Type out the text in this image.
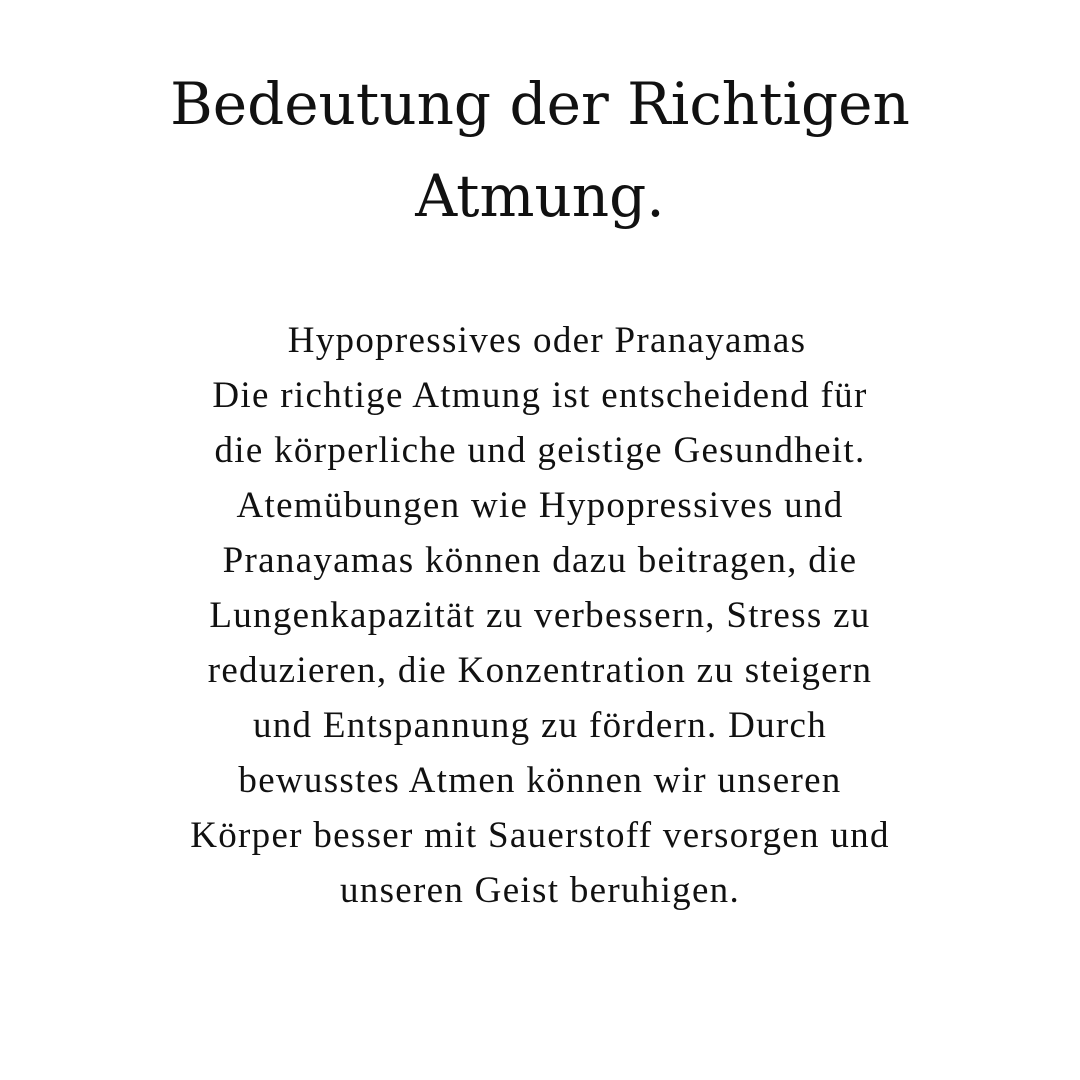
Bedeutung der Richtigen
Atmung.
Hypopressives oder Pranayamas
Die richtige Atmung ist entscheidend für
die körperliche und geistige Gesundheit.
Atemübungen wie Hypopressives und
Pranayamas können dazu beitragen, die
Lungenkapazität zu verbessern, Stress zu
reduzieren, die Konzentration zu steigern
und Entspannung zu fördern. Durch
bewusstes Atmen können wir unseren
Körper besser mit Sauerstoff versorgen und
unseren Geist beruhigen.
